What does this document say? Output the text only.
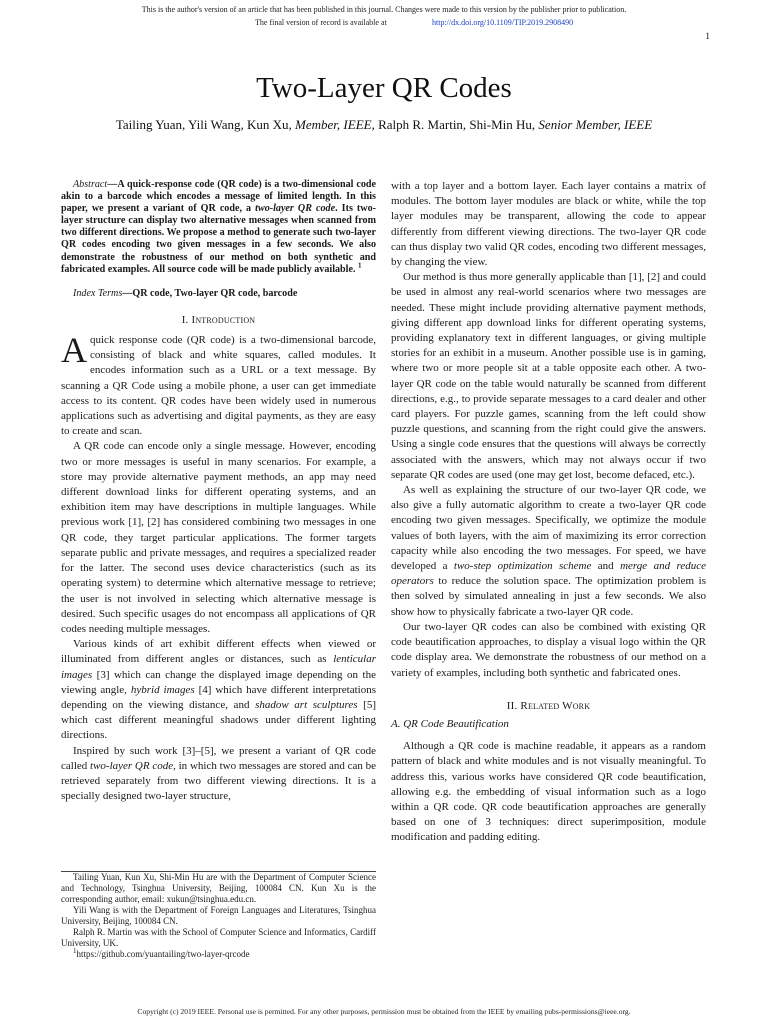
This is the author's version of an article that has been published in this journal. Changes were made to this version by the publisher prior to publication.
The final version of record is available at	http://dx.doi.org/10.1109/TIP.2019.2908490
1
Two-Layer QR Codes
Tailing Yuan, Yili Wang, Kun Xu, Member, IEEE, Ralph R. Martin, Shi-Min Hu, Senior Member, IEEE

Abstract—A quick-response code (QR code) is a two-dimensional code akin to a barcode which encodes a message of limited length. In this paper, we present a variant of QR code, a two-layer QR code. Its two-layer structure can display two alternative messages when scanned from two different directions. We propose a method to generate such two-layer QR codes encoding two given messages in a few seconds. We also demonstrate the robustness of our method on both synthetic and fabricated examples. All source code will be made publicly available. $^1$

Index Terms—QR code, Two-layer QR code, barcode

I. Introduction

A quick response code (QR code) is a two-dimensional barcode, consisting of black and white squares, called modules. It encodes information such as a URL or a text message. By scanning a QR Code using a mobile phone, a user can get immediate access to its content. QR codes have been widely used in numerous applications such as advertising and digital payments, as they are easy to create and scan.

A QR code can encode only a single message. However, encoding two or more messages is useful in many scenarios. For example, a store may provide alternative payment methods, an app may need different download links for different operating systems, and an exhibition item may have descriptions in multiple languages. While previous work [1], [2] has considered combining two messages in one QR code, they target particular applications. The former targets separate public and private messages, and requires a specialized reader for the latter. The second uses device characteristics (such as its operating system) to determine which alternative message to retrieve; the user is not involved in selecting which alternative message is desired. Such specific usages do not encompass all applications of QR codes needing multiple messages.

Various kinds of art exhibit different effects when viewed or illuminated from different angles or distances, such as lenticular images [3] which can change the displayed image depending on the viewing angle, hybrid images [4] which have different interpretations depending on the viewing distance, and shadow art sculptures [5] which cast different meaningful shadows under different lighting directions.

Inspired by such work [3]–[5], we present a variant of QR code called two-layer QR code, in which two messages are stored and can be retrieved separately from two different viewing directions. It is a specially designed two-layer structure,

Tailing Yuan, Kun Xu, Shi-Min Hu are with the Department of Computer Science and Technology, Tsinghua University, Beijing, 100084 CN. Kun Xu is the corresponding author, email: xukun@tsinghua.edu.cn.

Yili Wang is with the Department of Foreign Languages and Literatures, Tsinghua University, Beijing, 100084 CN.

Ralph R. Martin was with the School of Computer Science and Informatics, Cardiff University, UK.

$^1$https://github.com/yuantailing/two-layer-qrcode

with a top layer and a bottom layer. Each layer contains a matrix of modules. The bottom layer modules are black or white, while the top layer modules may be transparent, allowing the code to appear differently from different viewing directions. The two-layer QR code can thus display two valid QR codes, encoding two different messages, by changing the view.

Our method is thus more generally applicable than [1], [2] and could be used in almost any real-world scenarios where two messages are needed. These might include providing alternative payment methods, giving different app download links for different operating systems, providing explanatory text in different languages, or giving multiple stories for an exhibit in a museum. Another possible use is in gaming, where two or more people sit at a table opposite each other. A two-layer QR code on the table would naturally be scanned from different directions, e.g., to provide separate messages to a card dealer and other card players. For puzzle games, scanning from the left could show puzzle questions, and scanning from the right could give the answers. Using a single code ensures that the questions will always be correctly associated with the answers, which may not always occur if two separate QR codes are used (one may get lost, become defaced, etc.).

As well as explaining the structure of our two-layer QR code, we also give a fully automatic algorithm to create a two-layer QR code encoding two given messages. Specifically, we optimize the module values of both layers, with the aim of maximizing its error correction capacity while also encoding the two messages. For speed, we have developed a two-step optimization scheme and merge and reduce operators to reduce the solution space. The optimization problem is then solved by simulated annealing in just a few seconds. We also show how to physically fabricate a two-layer QR code.

Our two-layer QR codes can also be combined with existing QR code beautification approaches, to display a visual logo within the QR code display area. We demonstrate the robustness of our method on a variety of examples, including both synthetic and fabricated ones.

II. Related Work
A. QR Code Beautification

Although a QR code is machine readable, it appears as a random pattern of black and white modules and is not visually meaningful. To address this, various works have considered QR code beautification, allowing e.g. the embedding of visual information such as a logo within a QR code. QR code beautification approaches are generally based on one of 3 techniques: direct superimposition, module modification and padding editing.

Copyright (c) 2019 IEEE. Personal use is permitted. For any other purposes, permission must be obtained from the IEEE by emailing pubs-permissions@ieee.org.
